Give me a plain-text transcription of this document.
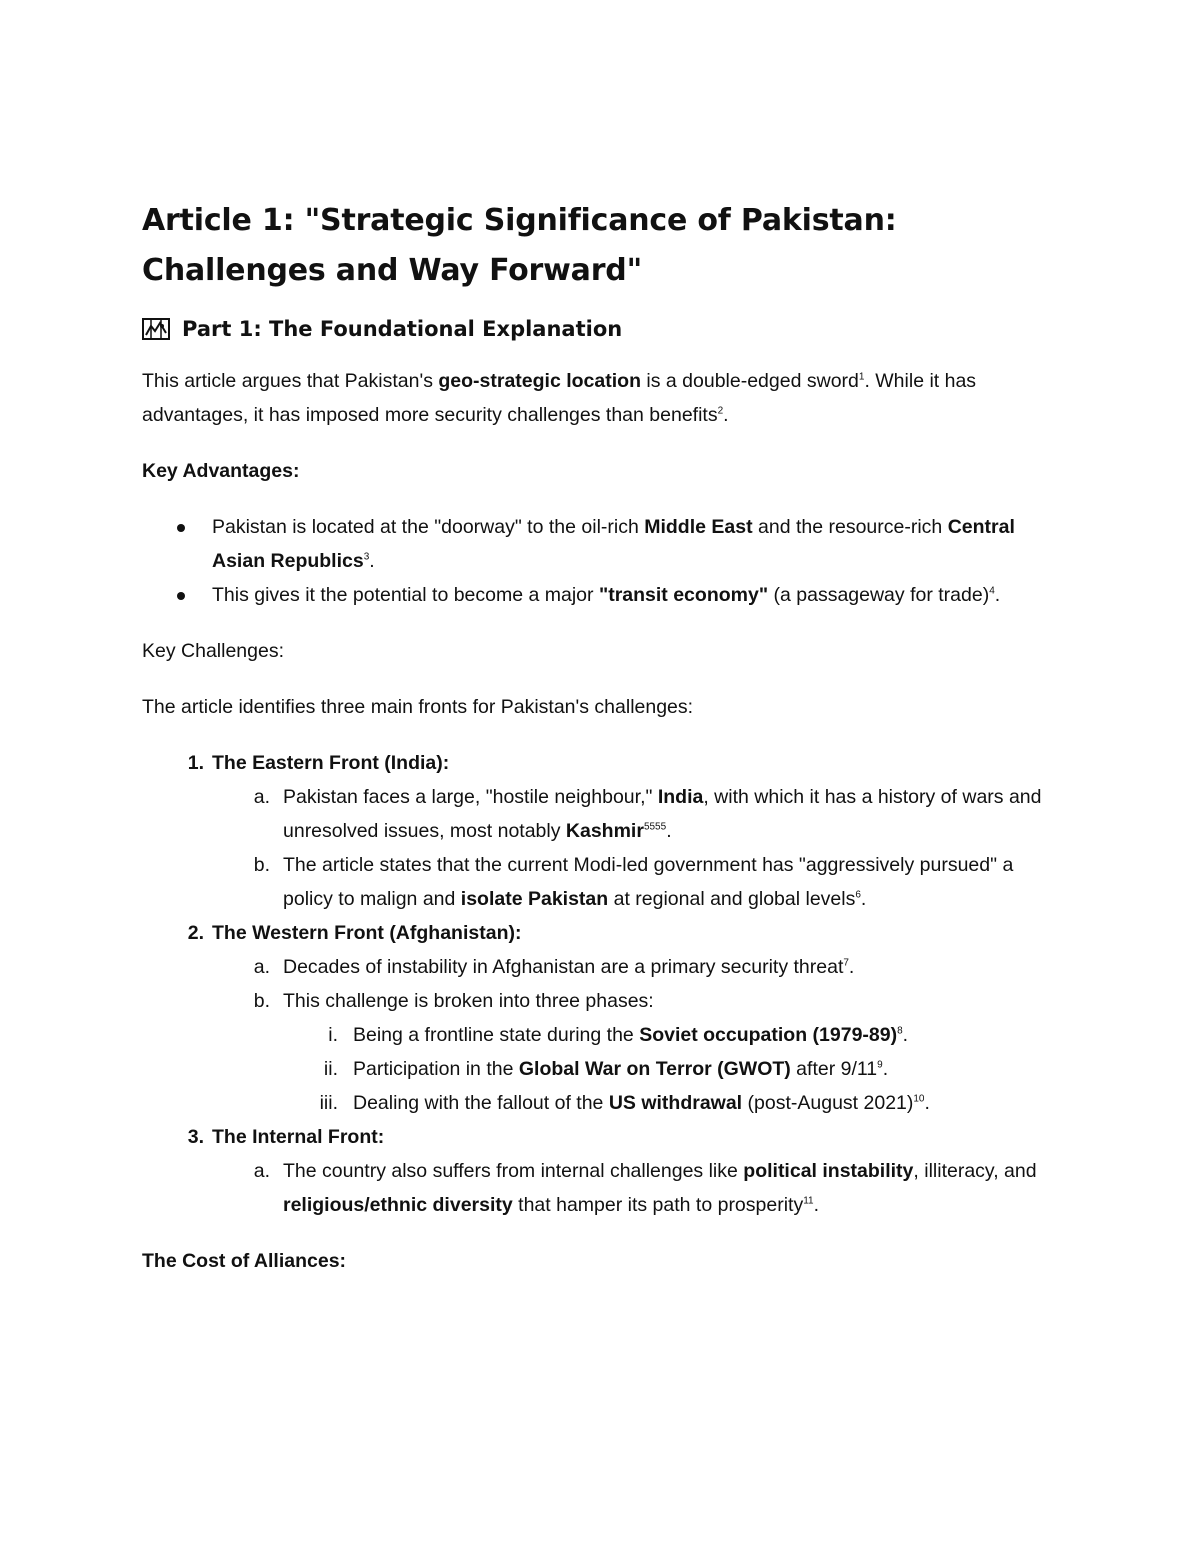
Article 1: "Strategic Significance of Pakistan: Challenges and Way Forward"
Part 1: The Foundational Explanation

This article argues that Pakistan's geo-strategic location is a double-edged sword$^1$. While it has advantages, it has imposed more security challenges than benefits$^2$.

Key Advantages:

Pakistan is located at the "doorway" to the oil-rich Middle East and the resource-rich Central Asian Republics$^3$.
This gives it the potential to become a major "transit economy" (a passageway for trade)$^4$.

Key Challenges:

The article identifies three main fronts for Pakistan's challenges:

1. The Eastern Front (India):
a. Pakistan faces a large, "hostile neighbour," India, with which it has a history of wars and unresolved issues, most notably Kashmir$^{5555}$.
b. The article states that the current Modi-led government has "aggressively pursued" a policy to malign and isolate Pakistan at regional and global levels$^6$.
2. The Western Front (Afghanistan):
a. Decades of instability in Afghanistan are a primary security threat$^7$.
b. This challenge is broken into three phases:
i. Being a frontline state during the Soviet occupation (1979-89)$^8$.
ii. Participation in the Global War on Terror (GWOT) after $9/11^9$.
iii. Dealing with the fallout of the US withdrawal (post-August 2021)$^{10}$.
3. The Internal Front:
a. The country also suffers from internal challenges like political instability, illiteracy, and religious/ethnic diversity that hamper its path to prosperity$^{11}$.

The Cost of Alliances:
